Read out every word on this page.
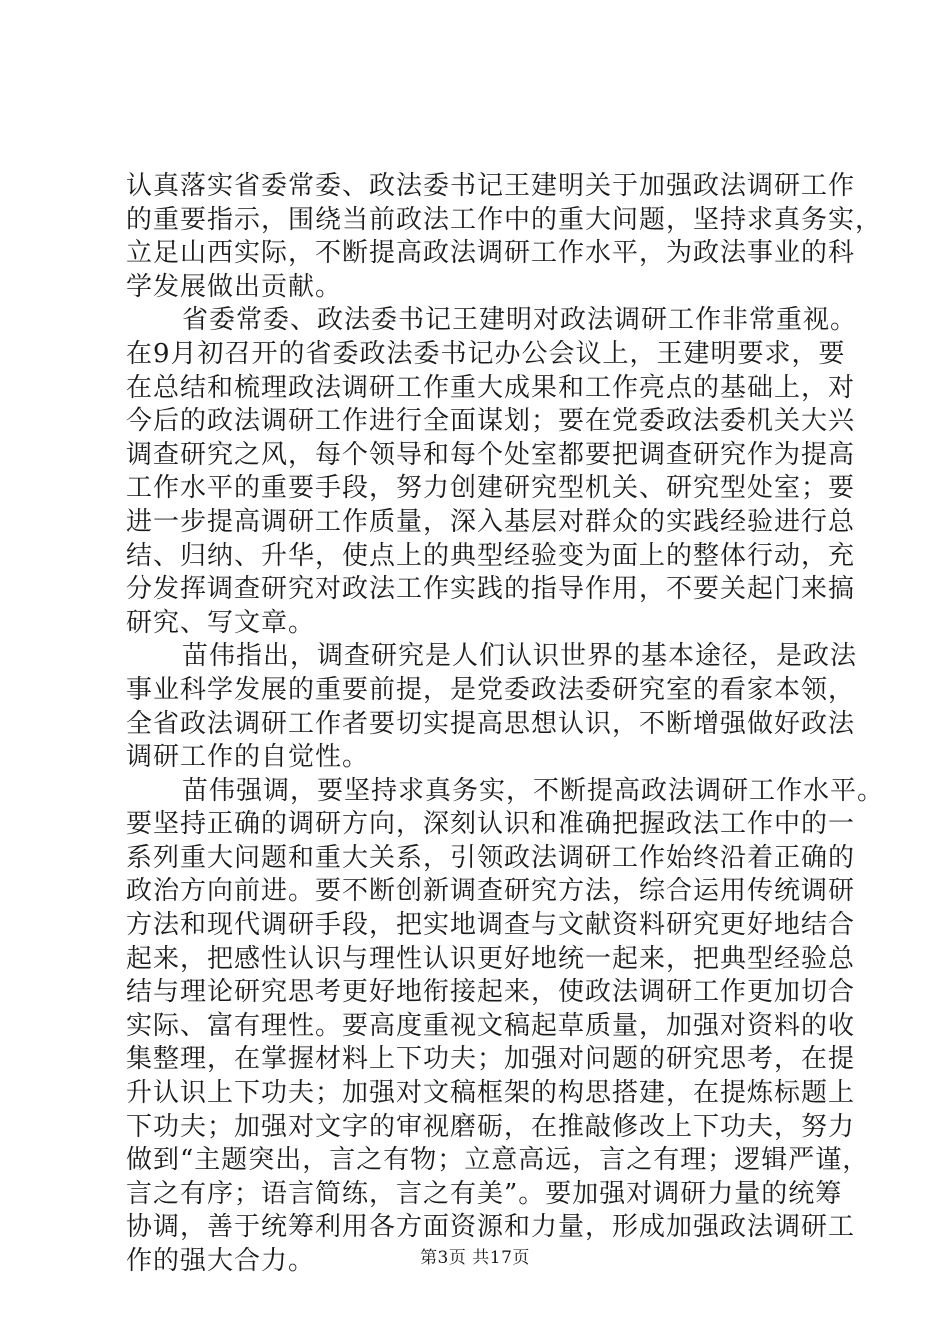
认真落实省委常委、政法委书记王建明关于加强政法调研工作
的重要指示，围绕当前政法工作中的重大问题，坚持求真务实，
立足山西实际，不断提高政法调研工作水平，为政法事业的科
学发展做出贡献。
省委常委、政法委书记王建明对政法调研工作非常重视。
在9月初召开的省委政法委书记办公会议上，王建明要求，要
在总结和梳理政法调研工作重大成果和工作亮点的基础上，对
今后的政法调研工作进行全面谋划；要在党委政法委机关大兴
调查研究之风，每个领导和每个处室都要把调查研究作为提高
工作水平的重要手段，努力创建研究型机关、研究型处室；要
进一步提高调研工作质量，深入基层对群众的实践经验进行总
结、归纳、升华，使点上的典型经验变为面上的整体行动，充
分发挥调查研究对政法工作实践的指导作用，不要关起门来搞
研究、写文章。
苗伟指出，调查研究是人们认识世界的基本途径，是政法
事业科学发展的重要前提，是党委政法委研究室的看家本领，
全省政法调研工作者要切实提高思想认识，不断增强做好政法
调研工作的自觉性。
苗伟强调，要坚持求真务实，不断提高政法调研工作水平。
要坚持正确的调研方向，深刻认识和准确把握政法工作中的一
系列重大问题和重大关系，引领政法调研工作始终沿着正确的
政治方向前进。要不断创新调查研究方法，综合运用传统调研
方法和现代调研手段，把实地调查与文献资料研究更好地结合
起来，把感性认识与理性认识更好地统一起来，把典型经验总
结与理论研究思考更好地衔接起来，使政法调研工作更加切合
实际、富有理性。要高度重视文稿起草质量，加强对资料的收
集整理，在掌握材料上下功夫；加强对问题的研究思考，在提
升认识上下功夫；加强对文稿框架的构思搭建，在提炼标题上
下功夫；加强对文字的审视磨砺，在推敲修改上下功夫，努力
做到“主题突出，言之有物；立意高远，言之有理；逻辑严谨，
言之有序；语言简练，言之有美”。要加强对调研力量的统筹
协调，善于统筹利用各方面资源和力量，形成加强政法调研工
作的强大合力。	第3页 共17页
